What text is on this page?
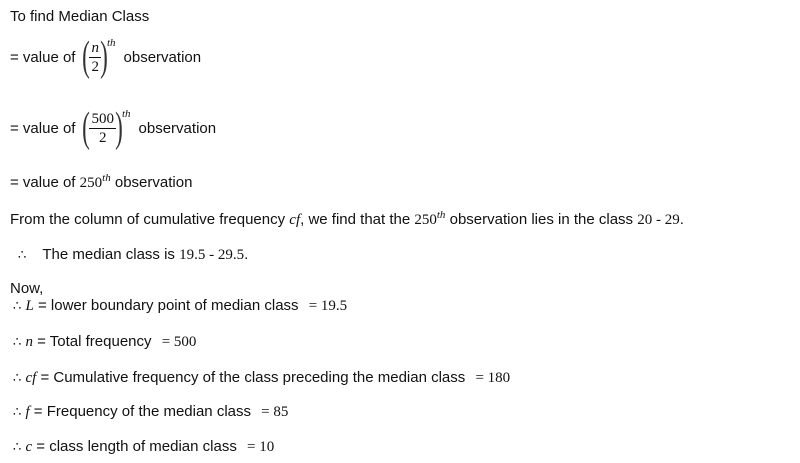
To find Median Class
= value of ( $\frac{n}{2}$ ) th
observation
= value of ( $\frac{500}{2}$ ) th
observation
= value of 250th observation
From the column of cumulative frequency cf, we find that the 250th observation lies in the class 20 - 29.
∴ The median class is 19.5 - 29.5.
Now,
∴ L = lower boundary point of median class = 19.5
∴ n = Total frequency = 500
∴ cf = Cumulative frequency of the class preceding the median class = 180
∴ f = Frequency of the median class = 85
∴ c = class length of median class = 10
